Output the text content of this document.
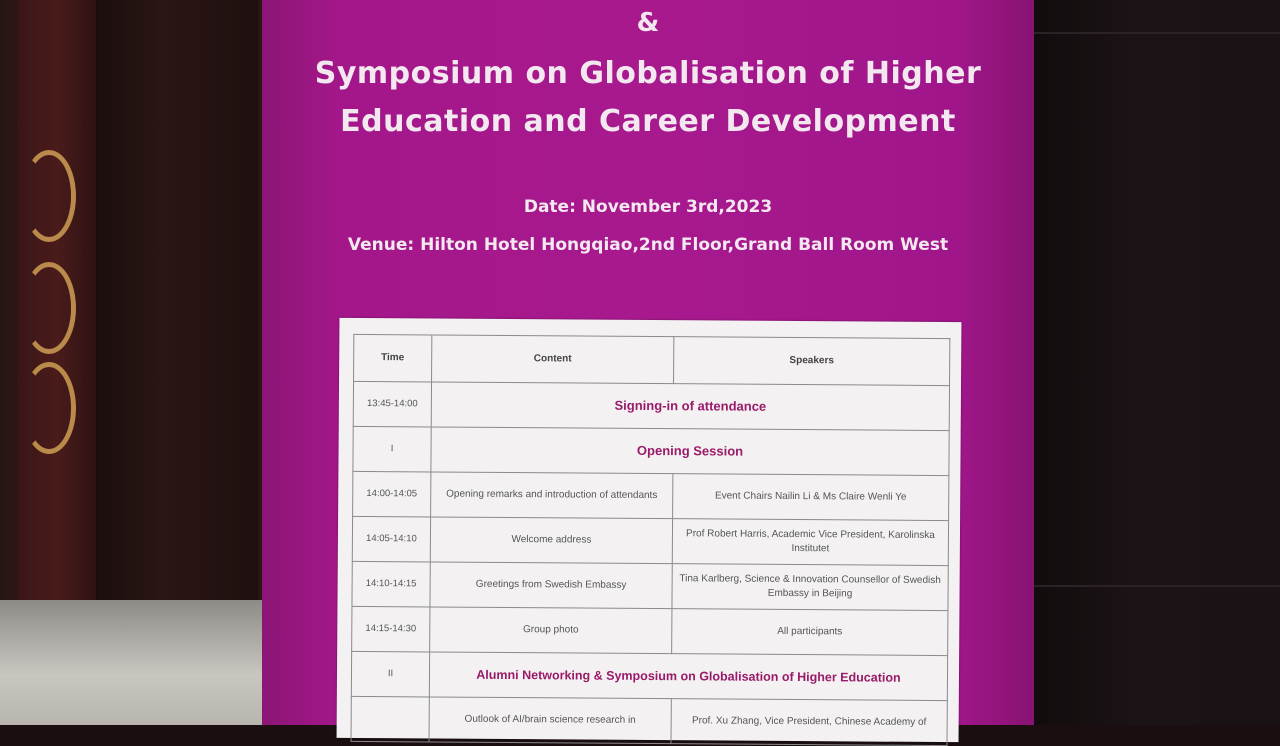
&
Symposium on Globalisation of Higher
Education and Career Development
Date: November 3rd,2023
Venue: Hilton Hotel Hongqiao,2nd Floor,Grand Ball Room West
Time	Content	Speakers
13:45-14:00	Signing-in of attendance	
I	Opening Session	
14:00-14:05	Opening remarks and introduction of attendants	Event Chairs Nailin Li & Ms Claire Wenli Ye
14:05-14:10	Welcome address	Prof Robert Harris, Academic Vice President, Karolinska Institutet
14:10-14:15	Greetings from Swedish Embassy	Tina Karlberg, Science & Innovation Counsellor of Swedish Embassy in Beijing
14:15-14:30	Group photo	All participants
II	Alumni Networking & Symposium on Globalisation of Higher Education	
	Outlook of AI/brain science research in	Prof. Xu Zhang, Vice President, Chinese Academy of
